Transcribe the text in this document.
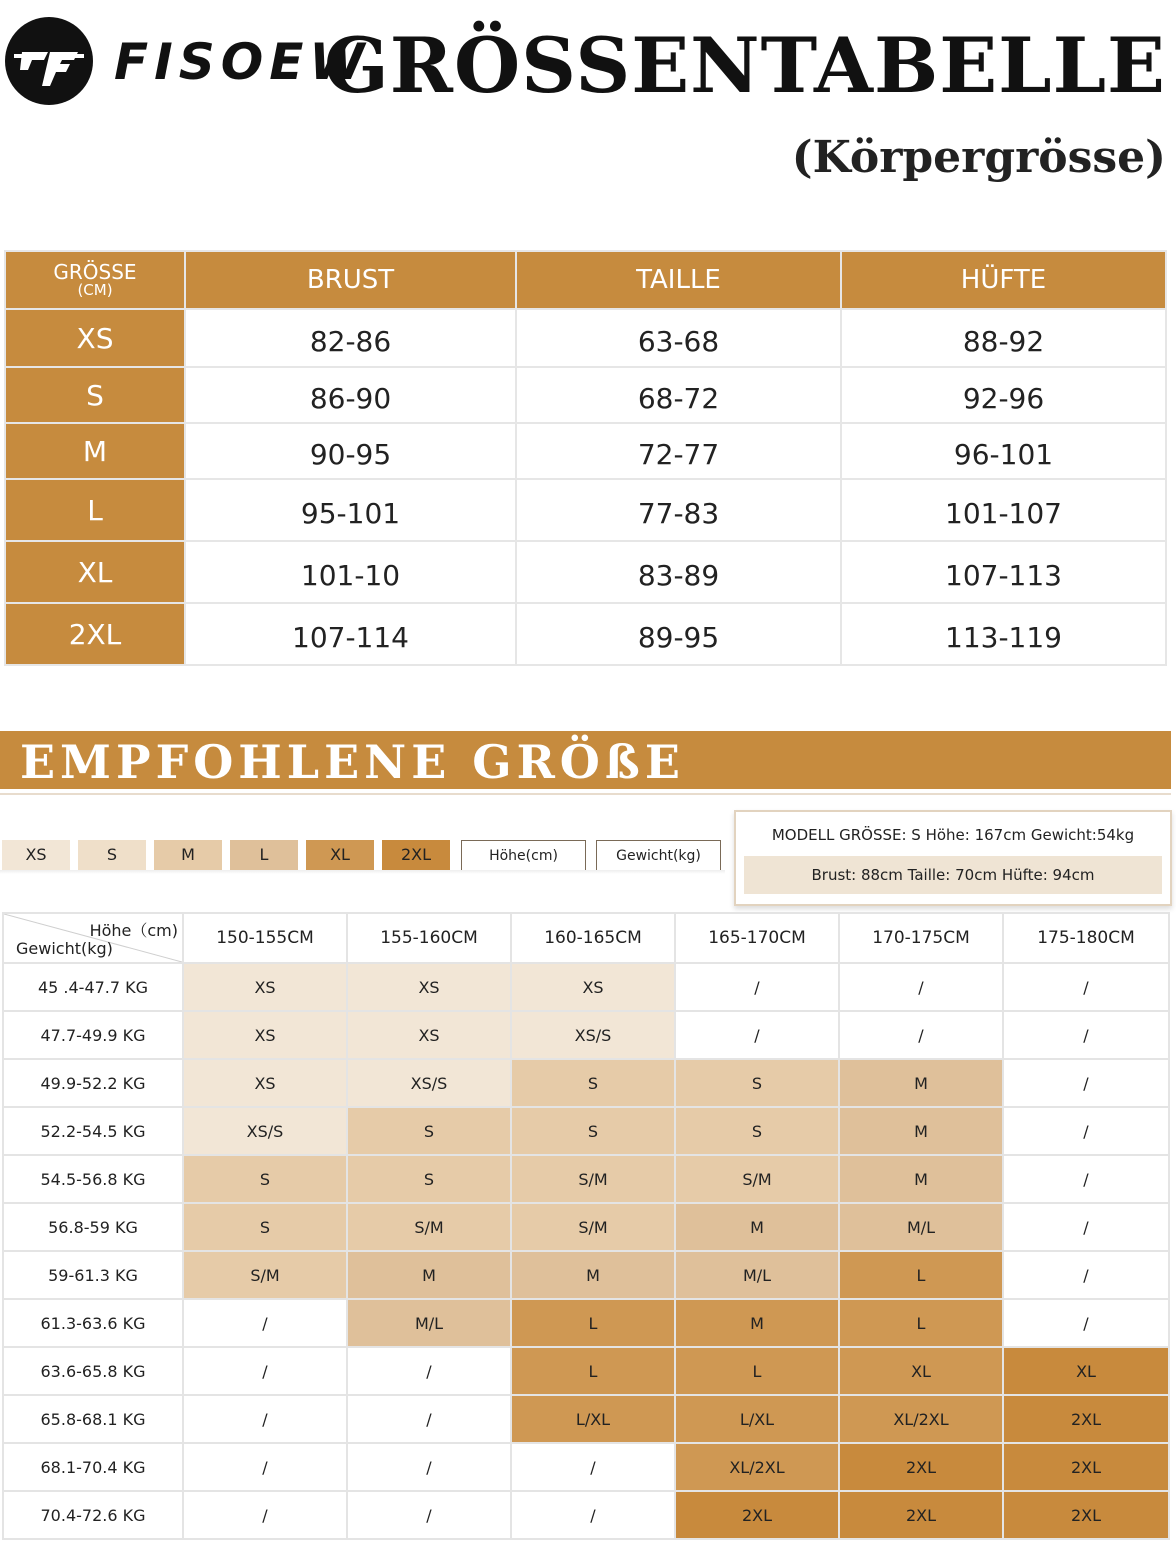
FISOEW
GRÖSSENTABELLE
(Körpergrösse)
GRÖSSE
(CM)	BRUST	TAILLE	HÜFTE
XS	82-86	63-68	88-92
S	86-90	68-72	92-96
M	90-95	72-77	96-101
L	95-101	77-83	101-107
XL	101-10	83-89	107-113
2XL	107-114	89-95	113-119
EMPFOHLENE GRÖßE
XS	S	M	L	XL	2XL	Höhe(cm)	Gewicht(kg)
MODELL GRÖSSE: S Höhe: 167cm Gewicht:54kg
Brust: 88cm Taille: 70cm Hüfte: 94cm
Höhe（cm)
Gewicht(kg)	150-155CM	155-160CM	160-165CM	165-170CM	170-175CM	175-180CM
45 .4-47.7 KG	XS	XS	XS	/	/	/
47.7-49.9 KG	XS	XS	XS/S	/	/	/
49.9-52.2 KG	XS	XS/S	S	S	M	/
52.2-54.5 KG	XS/S	S	S	S	M	/
54.5-56.8 KG	S	S	S/M	S/M	M	/
56.8-59 KG	S	S/M	S/M	M	M/L	/
59-61.3 KG	S/M	M	M	M/L	L	/
61.3-63.6 KG	/	M/L	L	M	L	/
63.6-65.8 KG	/	/	L	L	XL	XL
65.8-68.1 KG	/	/	L/XL	L/XL	XL/2XL	2XL
68.1-70.4 KG	/	/	/	XL/2XL	2XL	2XL
70.4-72.6 KG	/	/	/	2XL	2XL	2XL
